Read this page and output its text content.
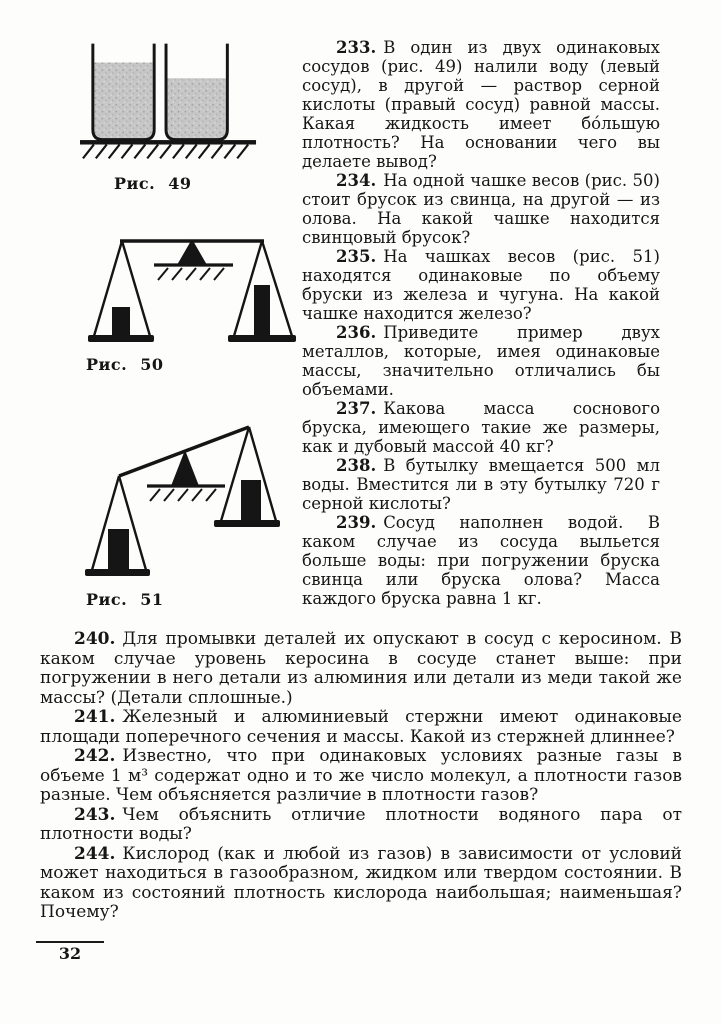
Рис. 49
Рис. 50
Рис. 51

233. В один из двух одинаковых сосудов (рис. 49) налили воду (левый сосуд), в другой — раствор серной кислоты (правый сосуд) равной массы. Какая жидкость имеет бо́льшую плотность? На основании чего вы делаете вывод?

234. На одной чашке весов (рис. 50) стоит брусок из свинца, на другой — из олова. На какой чашке находится свинцовый брусок?

235. На чашках весов (рис. 51) находятся одинаковые по объему бруски из железа и чугуна. На какой чашке находится железо?

236. Приведите пример двух металлов, которые, имея одинаковые массы, значительно отличались бы объемами.

237. Какова масса соснового бруска, имеющего такие же размеры, как и дубовый массой 40 кг?

238. В бутылку вмещается 500 мл воды. Вместится ли в эту бутылку 720 г серной кислоты?

239. Сосуд наполнен водой. В каком случае из сосуда выльется больше воды: при погружении бруска свинца или бруска олова? Масса каждого бруска равна 1 кг.

240. Для промывки деталей их опускают в сосуд с керосином. В каком случае уровень керосина в сосуде станет выше: при погружении в него детали из алюминия или детали из меди такой же массы? (Детали сплошные.)

241. Железный и алюминиевый стержни имеют одинаковые площади поперечного сечения и массы. Какой из стержней длиннее?

242. Известно, что при одинаковых условиях разные газы в объеме 1 м³ содержат одно и то же число молекул, а плотности газов разные. Чем объясняется различие в плотности газов?

243. Чем объяснить отличие плотности водяного пара от плотности воды?

244. Кислород (как и любой из газов) в зависимости от условий может находиться в газообразном, жидком или твердом состоянии. В каком из состояний плотность кислорода наибольшая; наименьшая? Почему?

32
